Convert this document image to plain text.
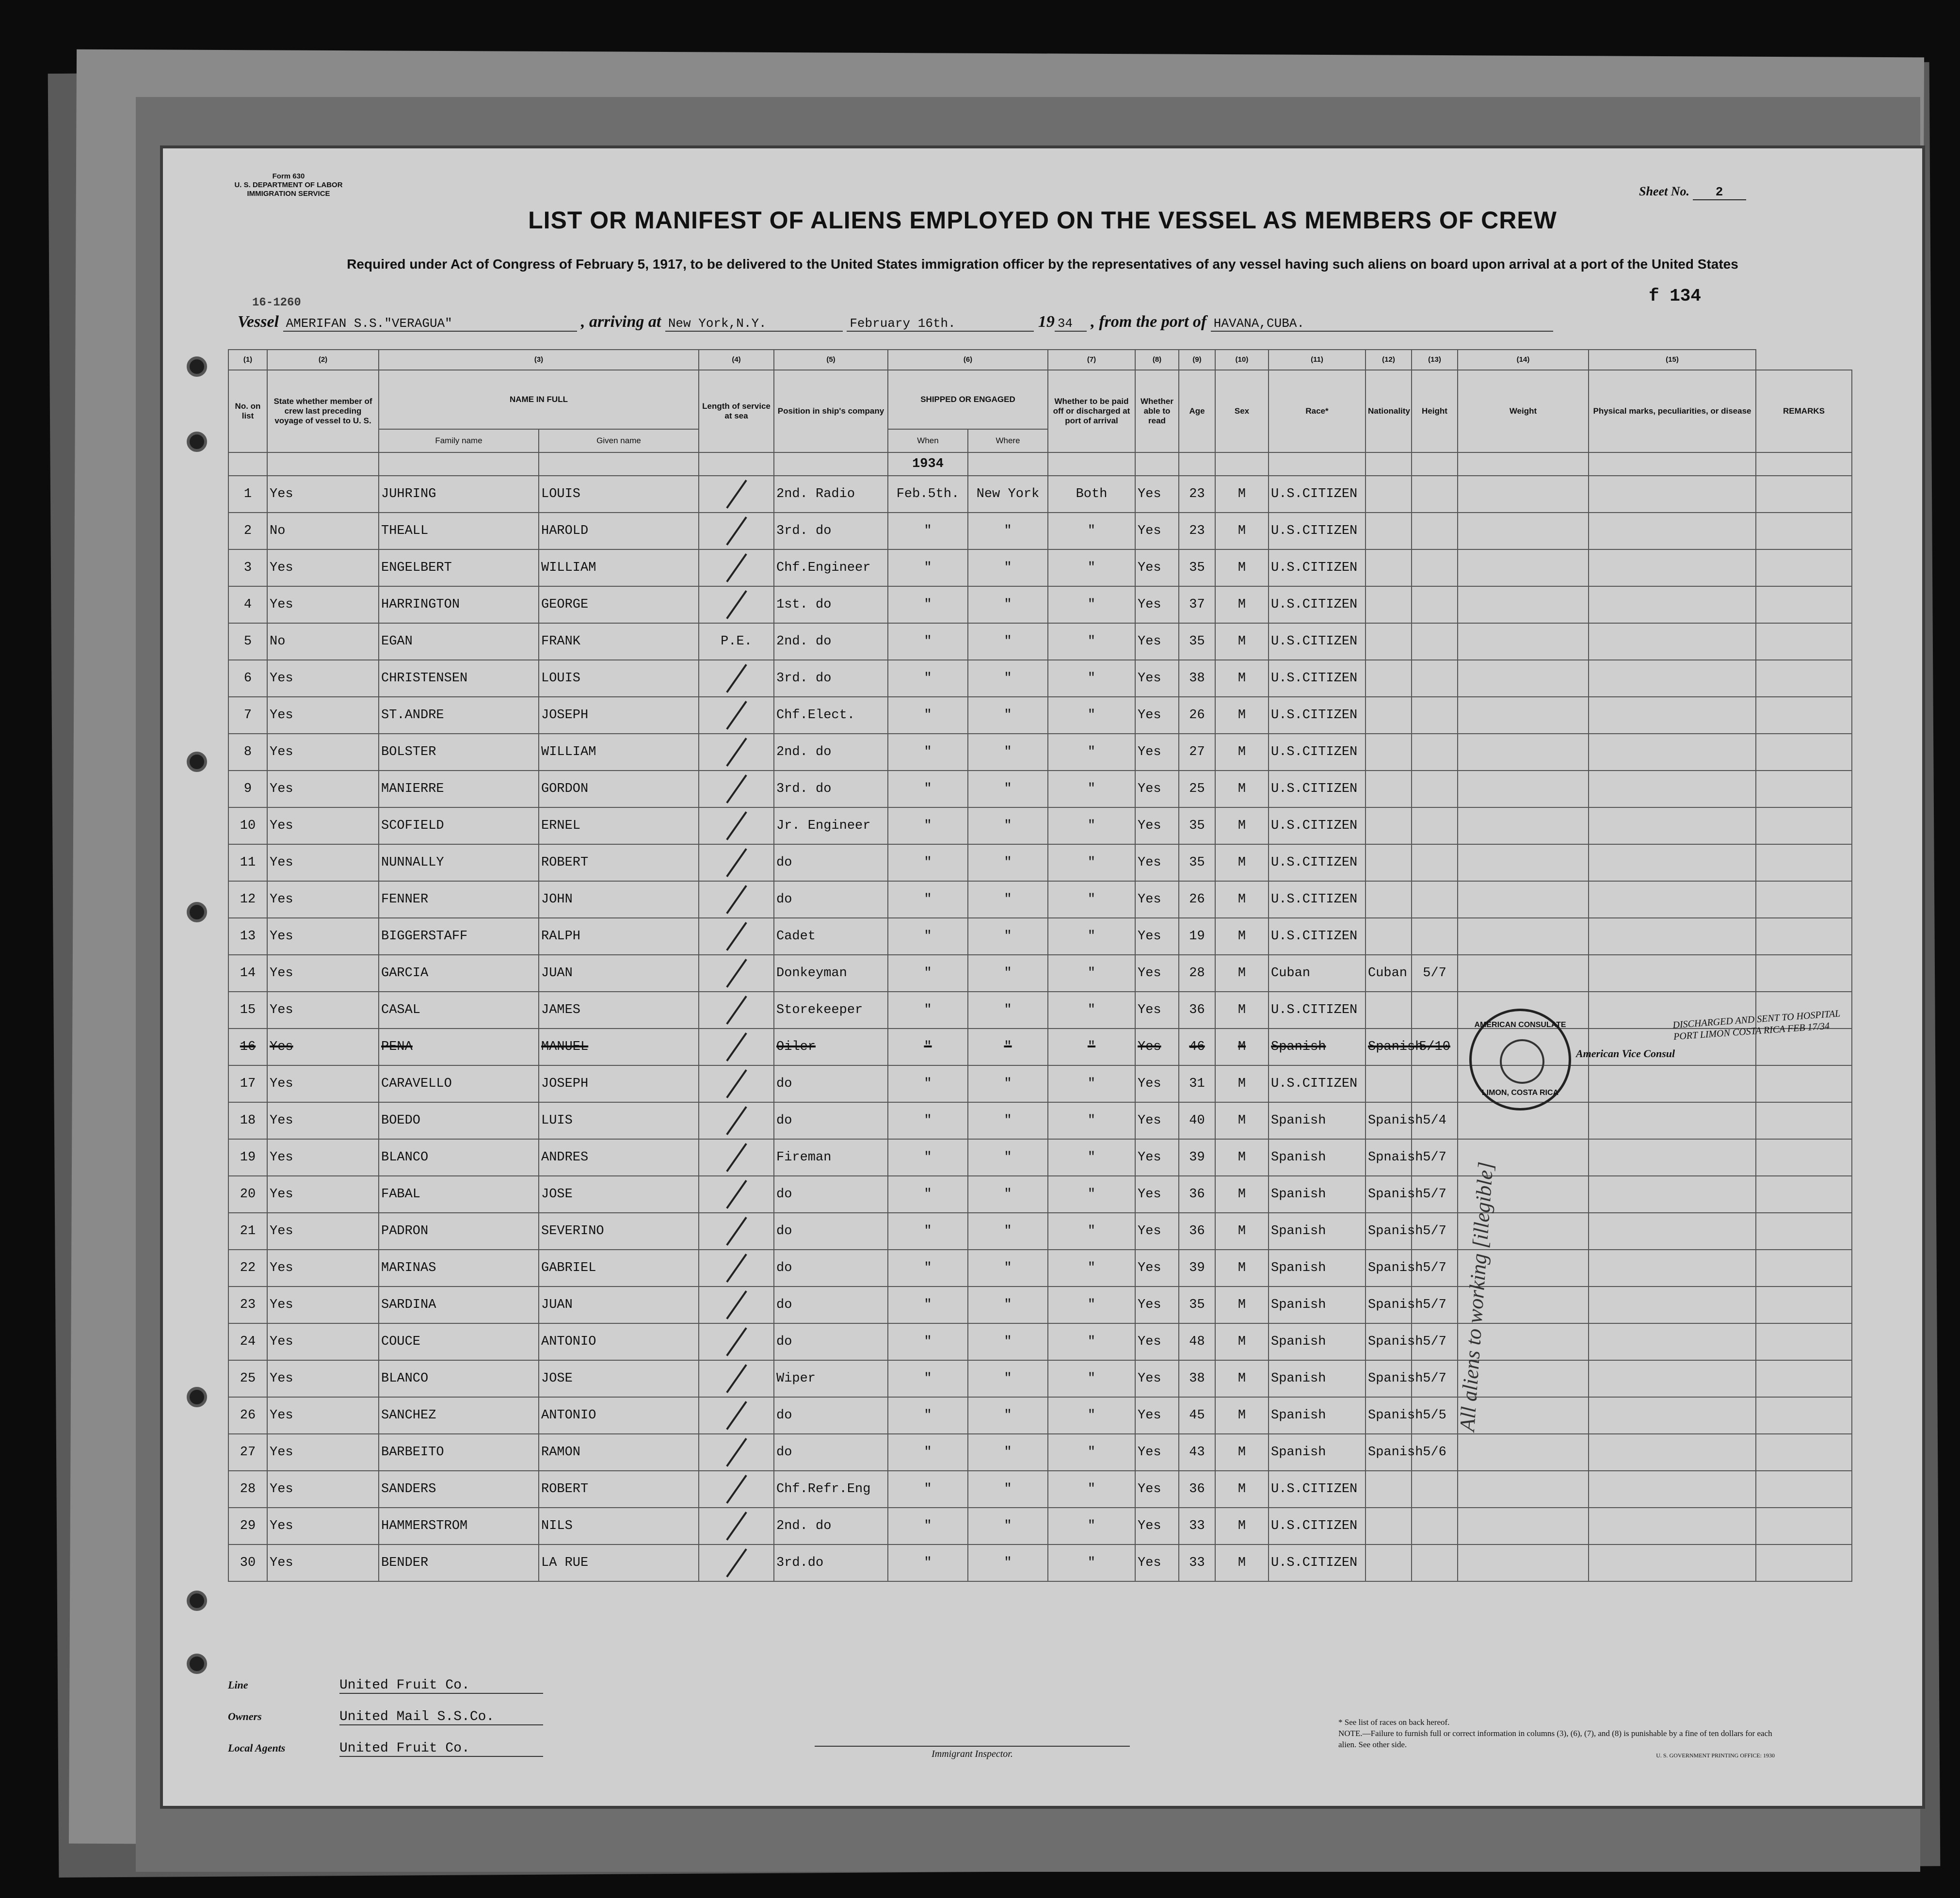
Form 630
U. S. DEPARTMENT OF LABOR
IMMIGRATION SERVICE	Sheet No. 2
LIST OR MANIFEST OF ALIENS EMPLOYED ON THE VESSEL AS MEMBERS OF CREW
Required under Act of Congress of February 5, 1917, to be delivered to the United States immigration officer by the representatives of any vessel having such aliens on board upon arrival at a port of the United States
f 134
16-1260
Vessel AMERIFAN S.S."VERAGUA"	, arriving at New York,N.Y.	February 16th.	19 34 , from the port of HAVANA,CUBA.
(1)	(2)	(3)		(4)	(5)	(6)		(7)	(8)	(9)	(10)	(11)	(12)	(13)	(14)	(15)	
No. on list	State whether member of crew last preceding voyage of vessel to U. S.	NAME IN FULL		Length of service at sea	Position in ship's company	SHIPPED OR ENGAGED		Whether to be paid off or discharged at port of arrival	Whether able to read	Age	Sex	Race*	Nationality	Height	Weight	Physical marks, peculiarities, or disease	REMARKS
		Family name	Given name			When	Where										
						1934											
1	Yes	JUHRING	LOUIS		2nd. Radio	Feb.5th.	New York	Both	Yes	23	M	U.S.CITIZEN					
2	No	THEALL	HAROLD		3rd. do	"	"	"	Yes	23	M	U.S.CITIZEN					
3	Yes	ENGELBERT	WILLIAM		Chf.Engineer	"	"	"	Yes	35	M	U.S.CITIZEN					
4	Yes	HARRINGTON	GEORGE		1st. do	"	"	"	Yes	37	M	U.S.CITIZEN					
5	No	EGAN	FRANK	P.E.	2nd. do	"	"	"	Yes	35	M	U.S.CITIZEN					
6	Yes	CHRISTENSEN	LOUIS		3rd. do	"	"	"	Yes	38	M	U.S.CITIZEN					
7	Yes	ST.ANDRE	JOSEPH		Chf.Elect.	"	"	"	Yes	26	M	U.S.CITIZEN					
8	Yes	BOLSTER	WILLIAM		2nd. do	"	"	"	Yes	27	M	U.S.CITIZEN					
9	Yes	MANIERRE	GORDON		3rd. do	"	"	"	Yes	25	M	U.S.CITIZEN					
10	Yes	SCOFIELD	ERNEL		Jr. Engineer	"	"	"	Yes	35	M	U.S.CITIZEN					
11	Yes	NUNNALLY	ROBERT		do	"	"	"	Yes	35	M	U.S.CITIZEN					
12	Yes	FENNER	JOHN		do	"	"	"	Yes	26	M	U.S.CITIZEN					
13	Yes	BIGGERSTAFF	RALPH		Cadet	"	"	"	Yes	19	M	U.S.CITIZEN					
14	Yes	GARCIA	JUAN		Donkeyman	"	"	"	Yes	28	M	Cuban	Cuban	5/7			
15	Yes	CASAL	JAMES		Storekeeper	"	"	"	Yes	36	M	U.S.CITIZEN					
16	Yes	PENA	MANUEL		Oiler	"	"	"	Yes	46	M	Spanish	Spanish	5/10			
17	Yes	CARAVELLO	JOSEPH		do	"	"	"	Yes	31	M	U.S.CITIZEN					
18	Yes	BOEDO	LUIS		do	"	"	"	Yes	40	M	Spanish	Spanish	5/4			
19	Yes	BLANCO	ANDRES		Fireman	"	"	"	Yes	39	M	Spanish	Spnaish	5/7			
20	Yes	FABAL	JOSE		do	"	"	"	Yes	36	M	Spanish	Spanish	5/7			
21	Yes	PADRON	SEVERINO		do	"	"	"	Yes	36	M	Spanish	Spanish	5/7			
22	Yes	MARINAS	GABRIEL		do	"	"	"	Yes	39	M	Spanish	Spanish	5/7			
23	Yes	SARDINA	JUAN		do	"	"	"	Yes	35	M	Spanish	Spanish	5/7			
24	Yes	COUCE	ANTONIO		do	"	"	"	Yes	48	M	Spanish	Spanish	5/7			
25	Yes	BLANCO	JOSE		Wiper	"	"	"	Yes	38	M	Spanish	Spanish	5/7			
26	Yes	SANCHEZ	ANTONIO		do	"	"	"	Yes	45	M	Spanish	Spanish	5/5			
27	Yes	BARBEITO	RAMON		do	"	"	"	Yes	43	M	Spanish	Spanish	5/6			
28	Yes	SANDERS	ROBERT		Chf.Refr.Eng	"	"	"	Yes	36	M	U.S.CITIZEN					
29	Yes	HAMMERSTROM	NILS		2nd. do	"	"	"	Yes	33	M	U.S.CITIZEN					
30	Yes	BENDER	LA RUE		3rd.do	"	"	"	Yes	33	M	U.S.CITIZEN					
AMERICAN CONSULATE
LIMON, COSTA RICA
American Vice Consul
DISCHARGED AND SENT TO HOSPITAL PORT LIMON COSTA RICA FEB 17/34
All aliens to working [illegible]
Line	United Fruit Co.
Owners	United Mail S.S.Co.
Local Agents	United Fruit Co.	Immigrant Inspector.
* See list of races on back hereof.
NOTE.—Failure to furnish full or correct information in columns (3), (6), (7), and (8) is punishable by a fine of ten dollars for each alien. See other side.
U. S. GOVERNMENT PRINTING OFFICE: 1930
